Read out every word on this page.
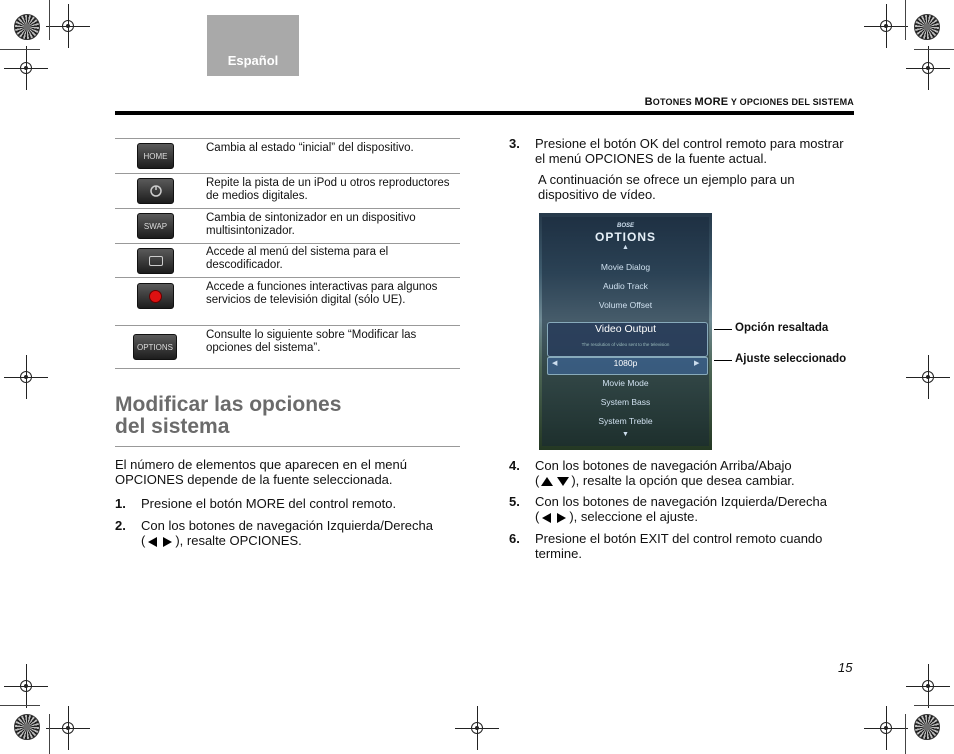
Español
BOTONES MORE Y OPCIONES DEL SISTEMA
HOME
Cambia al estado “inicial” del dispositivo.
Repite la pista de un iPod u otros reproductores de medios digitales.
SWAP
Cambia de sintonizador en un dispositivo multisintonizador.
Accede al menú del sistema para el descodificador.
Accede a funciones interactivas para algunos servicios de televisión digital (sólo UE).
OPTIONS
Consulte lo siguiente sobre “Modificar las opciones del sistema”.
Modificar las opciones
del sistema
El número de elementos que aparecen en el menú OPCIONES depende de la fuente seleccionada.
1. Presione el botón MORE del control remoto.
2. Con los botones de navegación Izquierda/Derecha
( ), resalte OPCIONES.
3. Presione el botón OK del control remoto para mostrar el menú OPCIONES de la fuente actual.
A continuación se ofrece un ejemplo para un dispositivo de vídeo.
BOSE
OPTIONS
▲
Movie Dialog
Audio Track
Volume Offset
Video Output
The resolution of video sent to the television
1080p
◀	▶
Movie Mode
System Bass
System Treble
▼
Opción resaltada
Ajuste seleccionado
4. Con los botones de navegación Arriba/Abajo
( ), resalte la opción que desea cambiar.
5. Con los botones de navegación Izquierda/Derecha
( ), seleccione el ajuste.
6. Presione el botón EXIT del control remoto cuando termine.
15
